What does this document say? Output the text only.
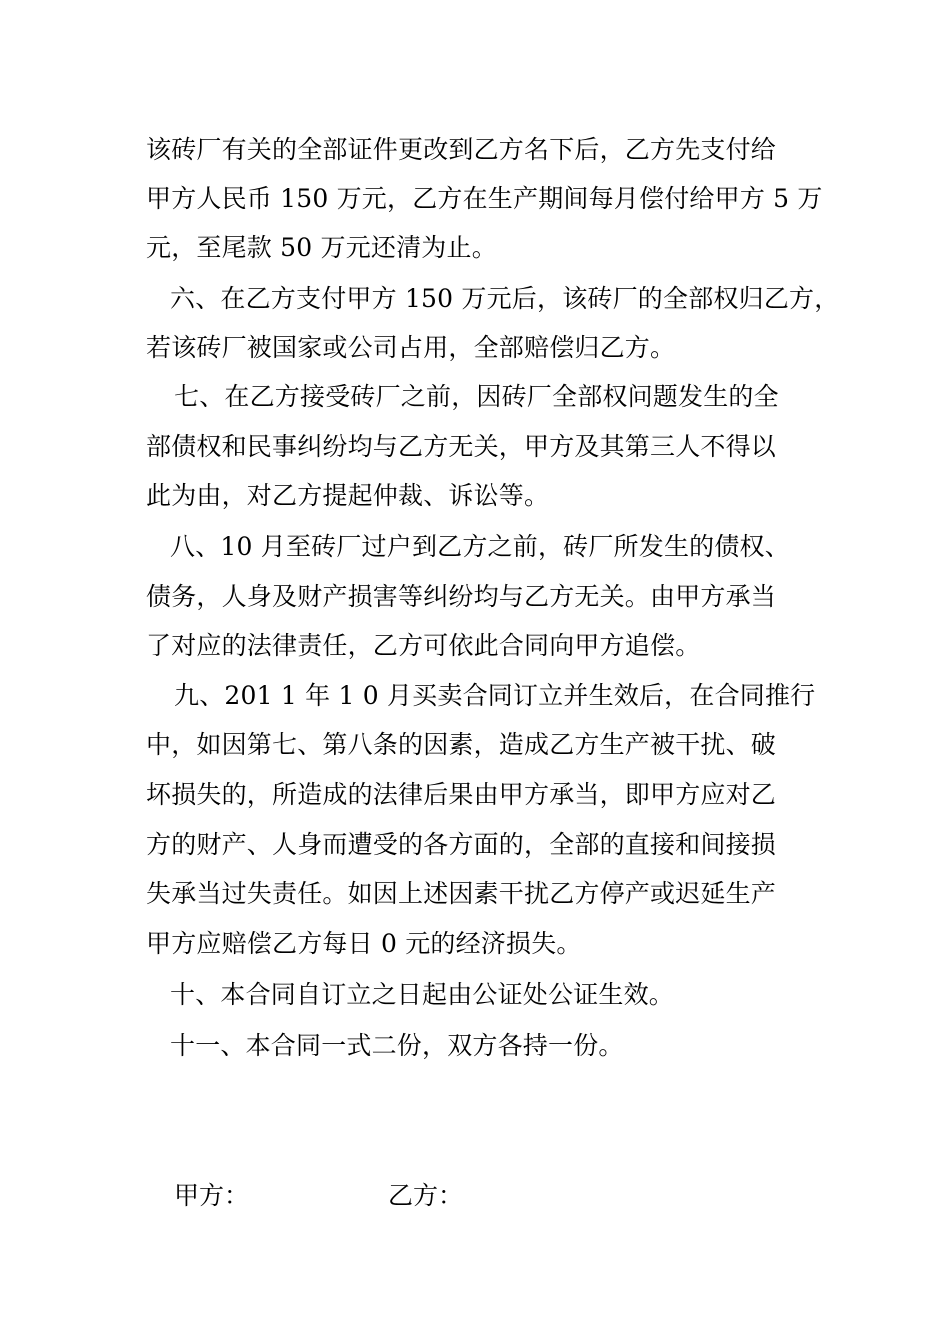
该砖厂有关的全部证件更改到乙方名下后，乙方先支付给
甲方人民币 150 万元，乙方在生产期间每月偿付给甲方 5 万
元，至尾款 50 万元还清为止。
六、在乙方支付甲方 150 万元后，该砖厂的全部权归乙方，
若该砖厂被国家或公司占用，全部赔偿归乙方。
七、在乙方接受砖厂之前，因砖厂全部权问题发生的全
部债权和民事纠纷均与乙方无关，甲方及其第三人不得以
此为由，对乙方提起仲裁、诉讼等。
八、10 月至砖厂过户到乙方之前，砖厂所发生的债权、
债务，人身及财产损害等纠纷均与乙方无关。由甲方承当
了对应的法律责任，乙方可依此合同向甲方追偿。
九、201 1 年 1 0 月买卖合同订立并生效后，在合同推行
中，如因第七、第八条的因素，造成乙方生产被干扰、破
坏损失的，所造成的法律后果由甲方承当，即甲方应对乙
方的财产、人身而遭受的各方面的，全部的直接和间接损
失承当过失责任。如因上述因素干扰乙方停产或迟延生产
甲方应赔偿乙方每日 0 元的经济损失。
十、本合同自订立之日起由公证处公证生效。
十一、本合同一式二份，双方各持一份。
甲方：	乙方：
